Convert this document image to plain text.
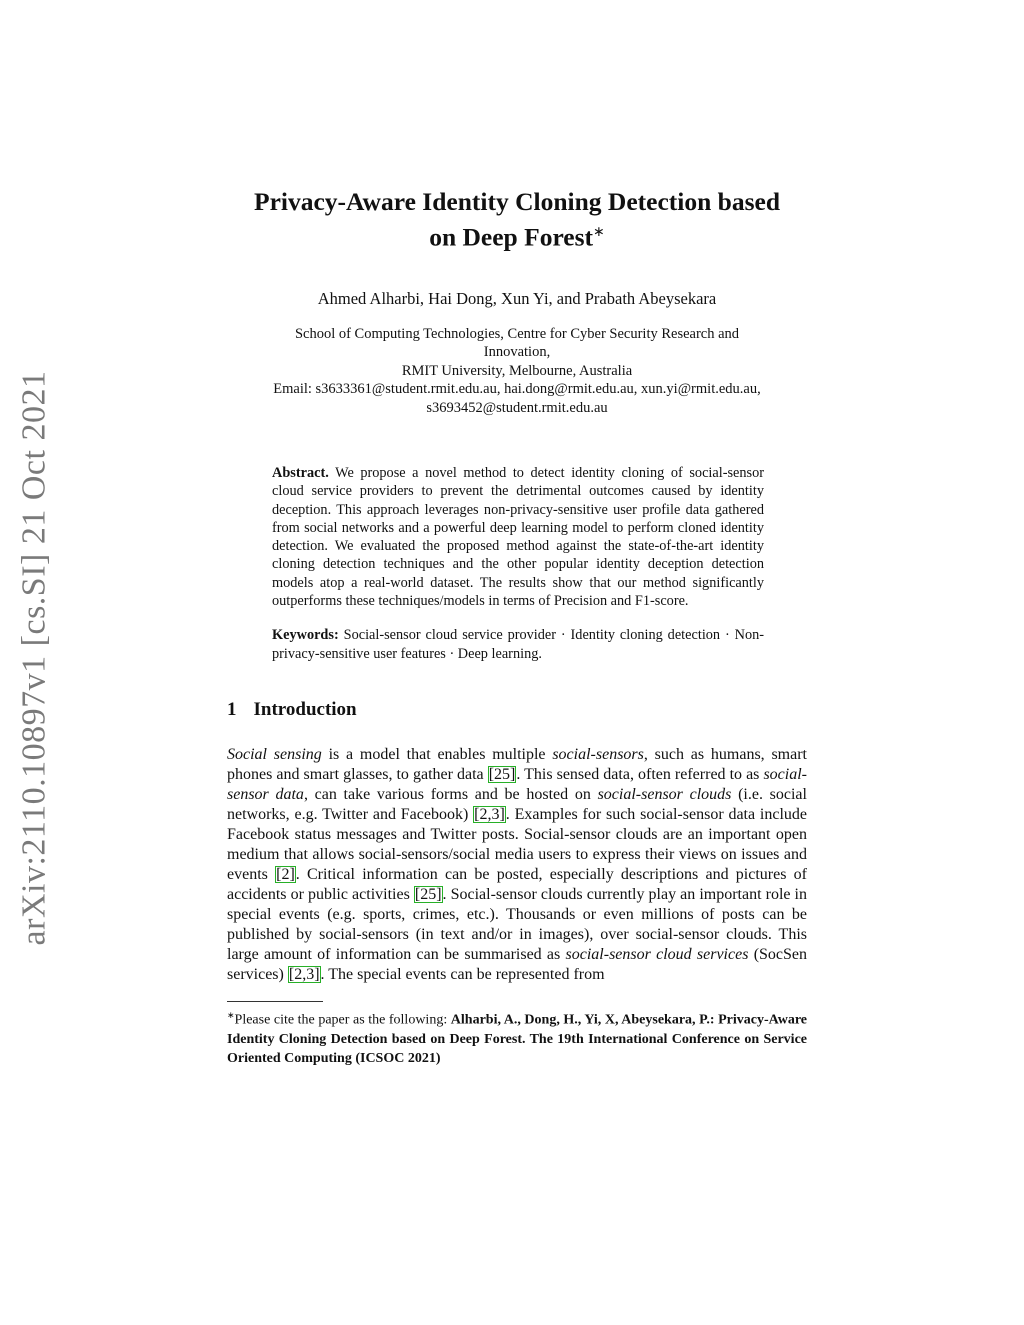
arXiv:2110.10897v1 [cs.SI] 21 Oct 2021
Privacy-Aware Identity Cloning Detection based
on Deep Forest∗
Ahmed Alharbi, Hai Dong, Xun Yi, and Prabath Abeysekara
School of Computing Technologies, Centre for Cyber Security Research and
Innovation,
RMIT University, Melbourne, Australia
Email: s3633361@student.rmit.edu.au, hai.dong@rmit.edu.au, xun.yi@rmit.edu.au,
s3693452@student.rmit.edu.au
Abstract. We propose a novel method to detect identity cloning of social-sensor cloud service providers to prevent the detrimental outcomes caused by identity deception. This approach leverages non-privacy-sensitive user profile data gathered from social networks and a powerful deep learning model to perform cloned identity detection. We evaluated the proposed method against the state-of-the-art identity cloning detection techniques and the other popular identity deception detection models atop a real-world dataset. The results show that our method significantly outperforms these techniques/models in terms of Precision and F1-score.
Keywords: Social-sensor cloud service provider · Identity cloning detection · Non-privacy-sensitive user features · Deep learning.
1 Introduction

Social sensing is a model that enables multiple social-sensors, such as humans, smart phones and smart glasses, to gather data [25]. This sensed data, often referred to as social-sensor data, can take various forms and be hosted on social-sensor clouds (i.e. social networks, e.g. Twitter and Facebook) [2,3]. Examples for such social-sensor data include Facebook status messages and Twitter posts. Social-sensor clouds are an important open medium that allows social-sensors/social media users to express their views on issues and events [2]. Critical information can be posted, especially descriptions and pictures of accidents or public activities [25]. Social-sensor clouds currently play an important role in special events (e.g. sports, crimes, etc.). Thousands or even millions of posts can be published by social-sensors (in text and/or in images), over social-sensor clouds. This large amount of information can be summarised as social-sensor cloud services (SocSen services) [2,3]. The special events can be represented from

∗Please cite the paper as the following: Alharbi, A., Dong, H., Yi, X, Abeysekara, P.: Privacy-Aware Identity Cloning Detection based on Deep Forest. The 19th International Conference on Service Oriented Computing (ICSOC 2021)
